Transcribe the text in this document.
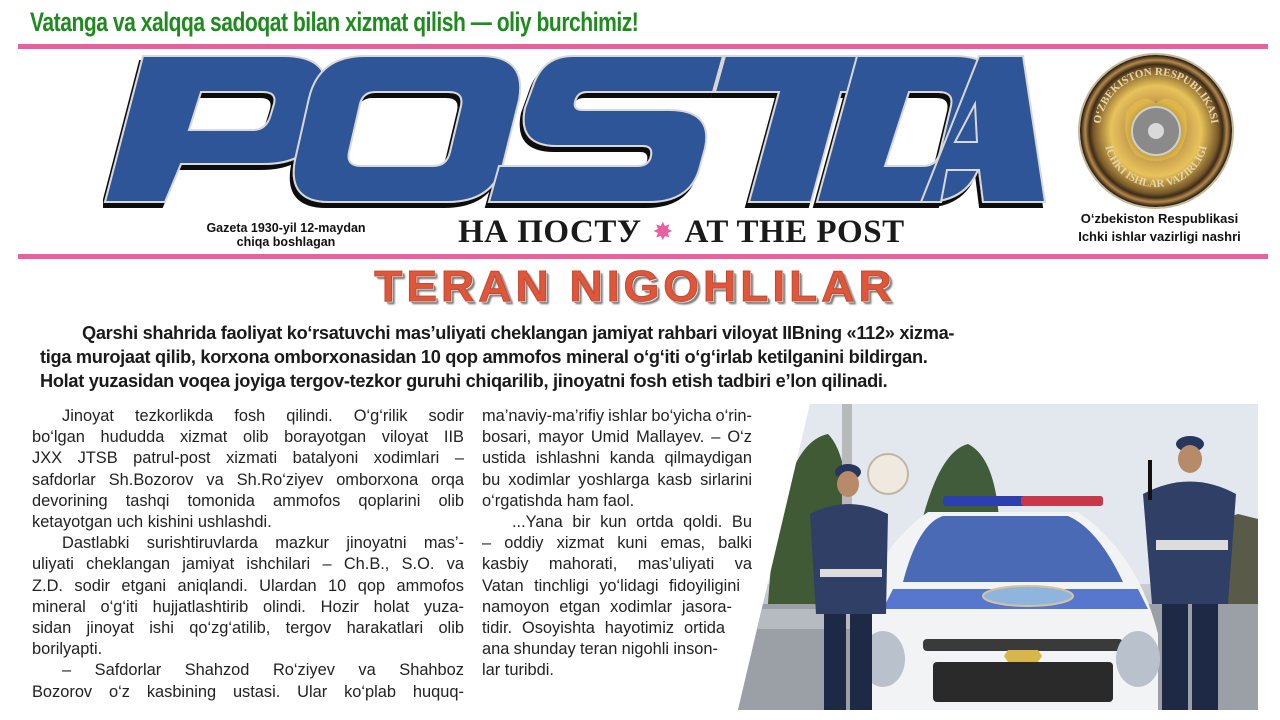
Vatanga va xalqqa sadoqat bilan xizmat qilish — oliy burchimiz!
Gazeta 1930-yil 12-maydan
chiqa boshlagan	НА ПОСТУ ✸ AT THE POST
O‘ZBEKISTON RESPUBLIKASI
ICHKI ISHLAR VAZIRLIGI
O‘zbekiston Respublikasi
Ichki ishlar vazirligi nashri
TERAN NIGOHLILAR
Qarshi shahrida faoliyat ko‘rsatuvchi mas’uliyati cheklangan jamiyat rahbari viloyat IIBning «112» xizma-
tiga murojaat qilib, korxona omborxonasidan 10 qop ammofos mineral o‘g‘iti o‘g‘irlab ketilganini bildirgan.
Holat yuzasidan voqea joyiga tergov-tezkor guruhi chiqarilib, jinoyatni fosh etish tadbiri e’lon qilinadi.
Jinoyat tezkorlikda fosh qilindi. O‘g‘rilik sodir
bo‘lgan hududda xizmat olib borayotgan viloyat IIB
JXX JTSB patrul-post xizmati batalyoni xodimlari –
safdorlar Sh.Bozorov va Sh.Ro‘ziyev omborxona orqa
devorining tashqi tomonida ammofos qoplarini olib
ketayotgan uch kishini ushlashdi.
Dastlabki surishtiruvlarda mazkur jinoyatni mas’-
uliyati cheklangan jamiyat ishchilari – Ch.B., S.O. va
Z.D. sodir etgani aniqlandi. Ulardan 10 qop ammofos
mineral o‘g‘iti hujjatlashtirib olindi. Hozir holat yuza-
sidan jinoyat ishi qo‘zg‘atilib, tergov harakatlari olib
borilyapti.
– Safdorlar Shahzod Ro‘ziyev va Shahboz
Bozorov o‘z kasbining ustasi. Ular ko‘plab huquq-
ma’naviy-ma’rifiy ishlar bo‘yicha o‘rin-
bosari, mayor Umid Mallayev. – O‘z
ustida ishlashni kanda qilmaydigan
bu xodimlar yoshlarga kasb sirlarini
o‘rgatishda ham faol.
...Yana bir kun ortda qoldi. Bu
– oddiy xizmat kuni emas, balki
kasbiy mahorati, mas’uliyati va
Vatan tinchligi yo‘lidagi fidoyiligini
namoyon etgan xodimlar jasora-
tidir. Osoyishta hayotimiz ortida
ana shunday teran nigohli inson-
lar turibdi.
